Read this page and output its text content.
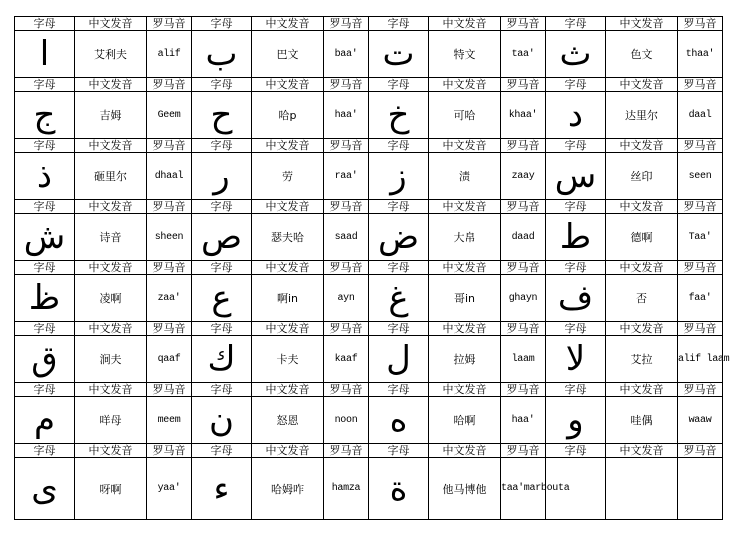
字母	中文发音	罗马音	字母	中文发音	罗马音	字母	中文发音	罗马音	字母	中文发音	罗马音
ا	艾利夫	alif	ب	巴文	baa'	ت	特文	taa'	ث	色文	thaa'
字母	中文发音	罗马音	字母	中文发音	罗马音	字母	中文发音	罗马音	字母	中文发音	罗马音
ج	吉姆	Geem	ح	哈p	haa'	خ	可哈	khaa'	د	达里尔	daal
字母	中文发音	罗马音	字母	中文发音	罗马音	字母	中文发音	罗马音	字母	中文发音	罗马音
ذ	砸里尔	dhaal	ر	劳	raa'	ز	渍	zaay	س	丝印	seen
字母	中文发音	罗马音	字母	中文发音	罗马音	字母	中文发音	罗马音	字母	中文发音	罗马音
ش	诗音	sheen	ص	瑟夫哈	saad	ض	大帛	daad	ط	德啊	Taa'
字母	中文发音	罗马音	字母	中文发音	罗马音	字母	中文发音	罗马音	字母	中文发音	罗马音
ظ	凌啊	zaa'	ع	啊in	ayn	غ	哥in	ghayn	ف	否	faa'
字母	中文发音	罗马音	字母	中文发音	罗马音	字母	中文发音	罗马音	字母	中文发音	罗马音
ق	涧夫	qaaf	ك	卡夫	kaaf	ل	拉姆	laam	لا	艾拉	alif laam
字母	中文发音	罗马音	字母	中文发音	罗马音	字母	中文发音	罗马音	字母	中文发音	罗马音
م	咩母	meem	ن	怒恩	noon	ه	哈啊	haa'	و	哇偶	waaw
字母	中文发音	罗马音	字母	中文发音	罗马音	字母	中文发音	罗马音	字母	中文发音	罗马音
ى	呀啊	yaa'	ء	哈姆咋	hamza	ة	他马博他	taa'marbouta			
